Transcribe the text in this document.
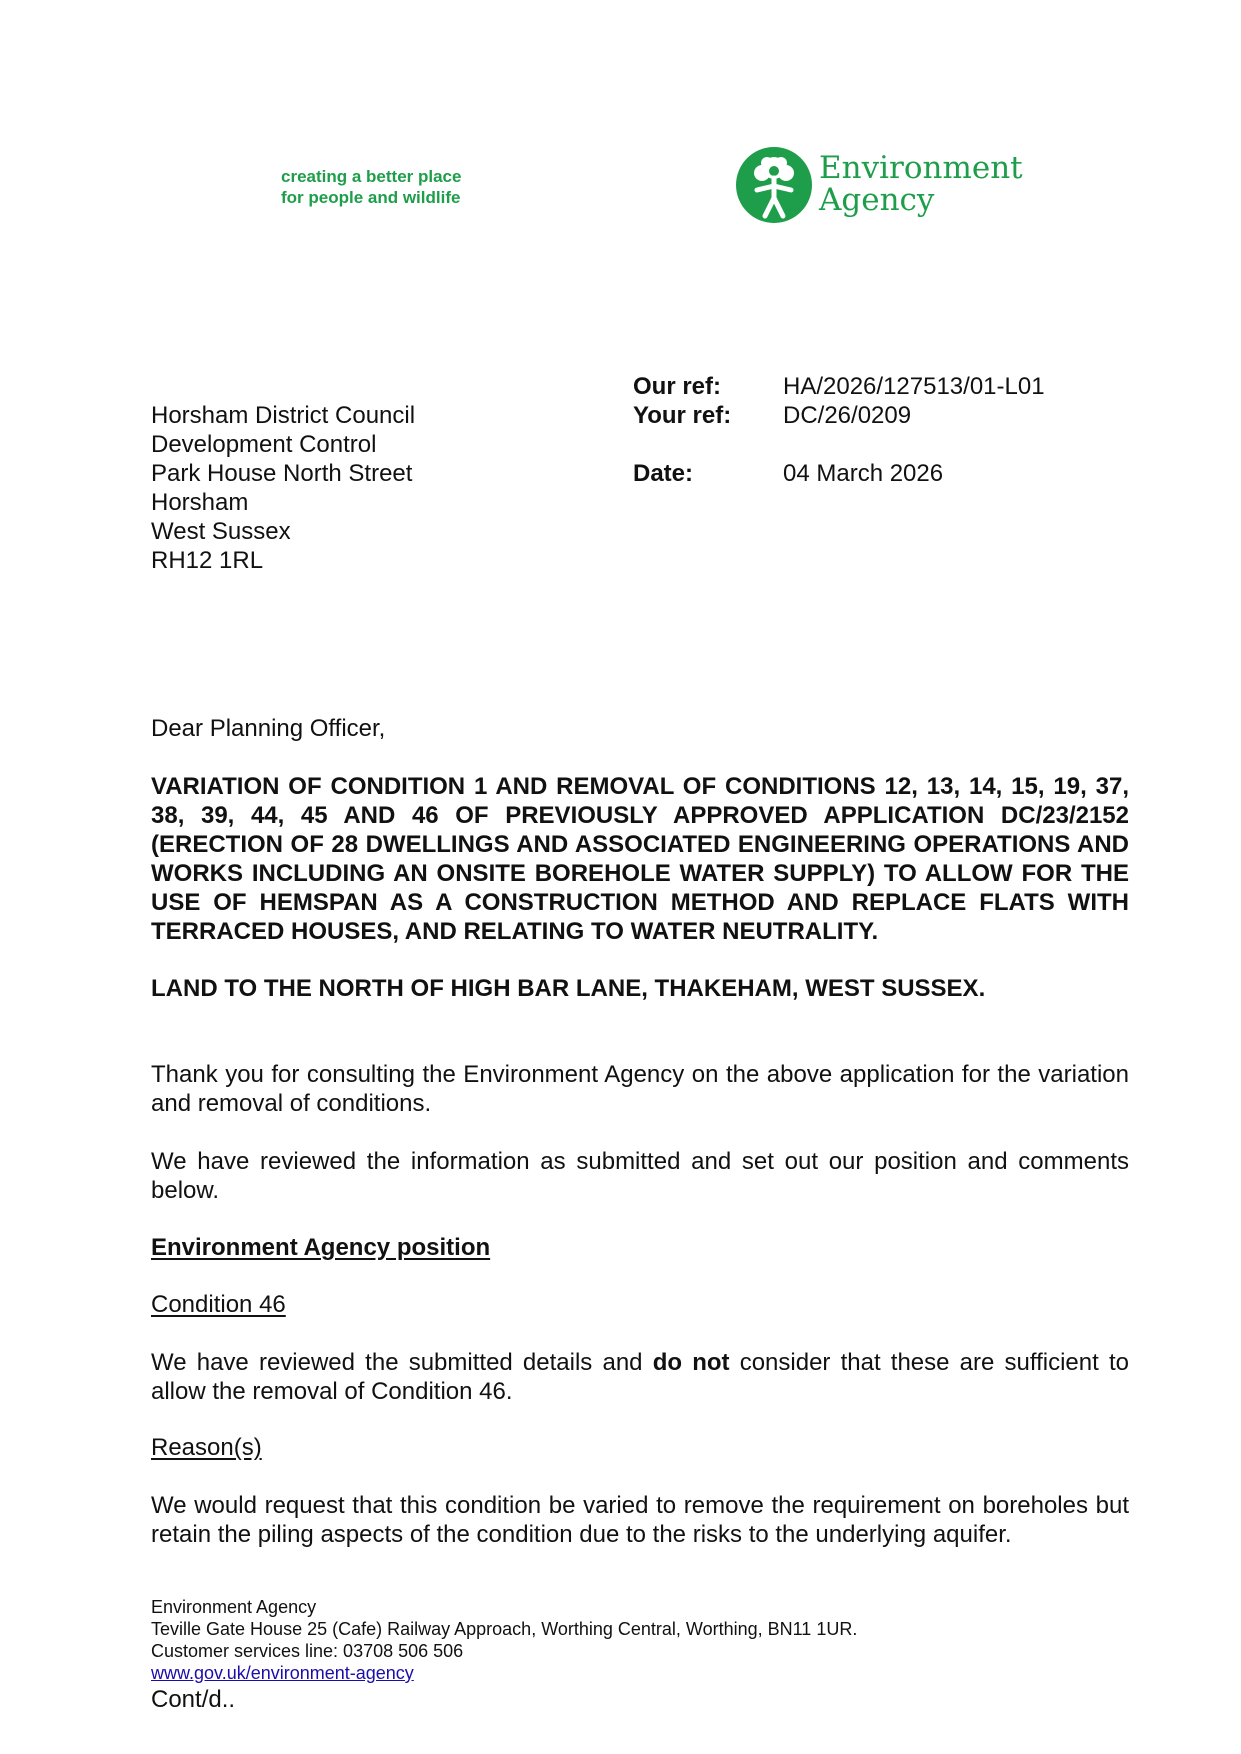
creating a better place
for people and wildlife
Environment
Agency
Horsham District Council
Development Control
Park House North Street
Horsham
West Sussex
RH12 1RL
Our ref:	HA/2026/127513/01-L01
Your ref:	DC/26/0209
Date:	04 March 2026

Dear Planning Officer,

VARIATION OF CONDITION 1 AND REMOVAL OF CONDITIONS 12, 13, 14, 15, 19, 37, 38, 39, 44, 45 AND 46 OF PREVIOUSLY APPROVED APPLICATION DC/23/2152 (ERECTION OF 28 DWELLINGS AND ASSOCIATED ENGINEERING OPERATIONS AND WORKS INCLUDING AN ONSITE BOREHOLE WATER SUPPLY) TO ALLOW FOR THE USE OF HEMSPAN AS A CONSTRUCTION METHOD AND REPLACE FLATS WITH TERRACED HOUSES, AND RELATING TO WATER NEUTRALITY.

LAND TO THE NORTH OF HIGH BAR LANE, THAKEHAM, WEST SUSSEX.

Thank you for consulting the Environment Agency on the above application for the variation and removal of conditions.

We have reviewed the information as submitted and set out our position and comments below.

Environment Agency position

Condition 46

We have reviewed the submitted details and do not consider that these are sufficient to allow the removal of Condition 46.

Reason(s)

We would request that this condition be varied to remove the requirement on boreholes but retain the piling aspects of the condition due to the risks to the underlying aquifer.

Environment Agency
Teville Gate House 25 (Cafe) Railway Approach, Worthing Central, Worthing, BN11 1UR.
Customer services line: 03708 506 506
www.gov.uk/environment-agency
Cont/d..
